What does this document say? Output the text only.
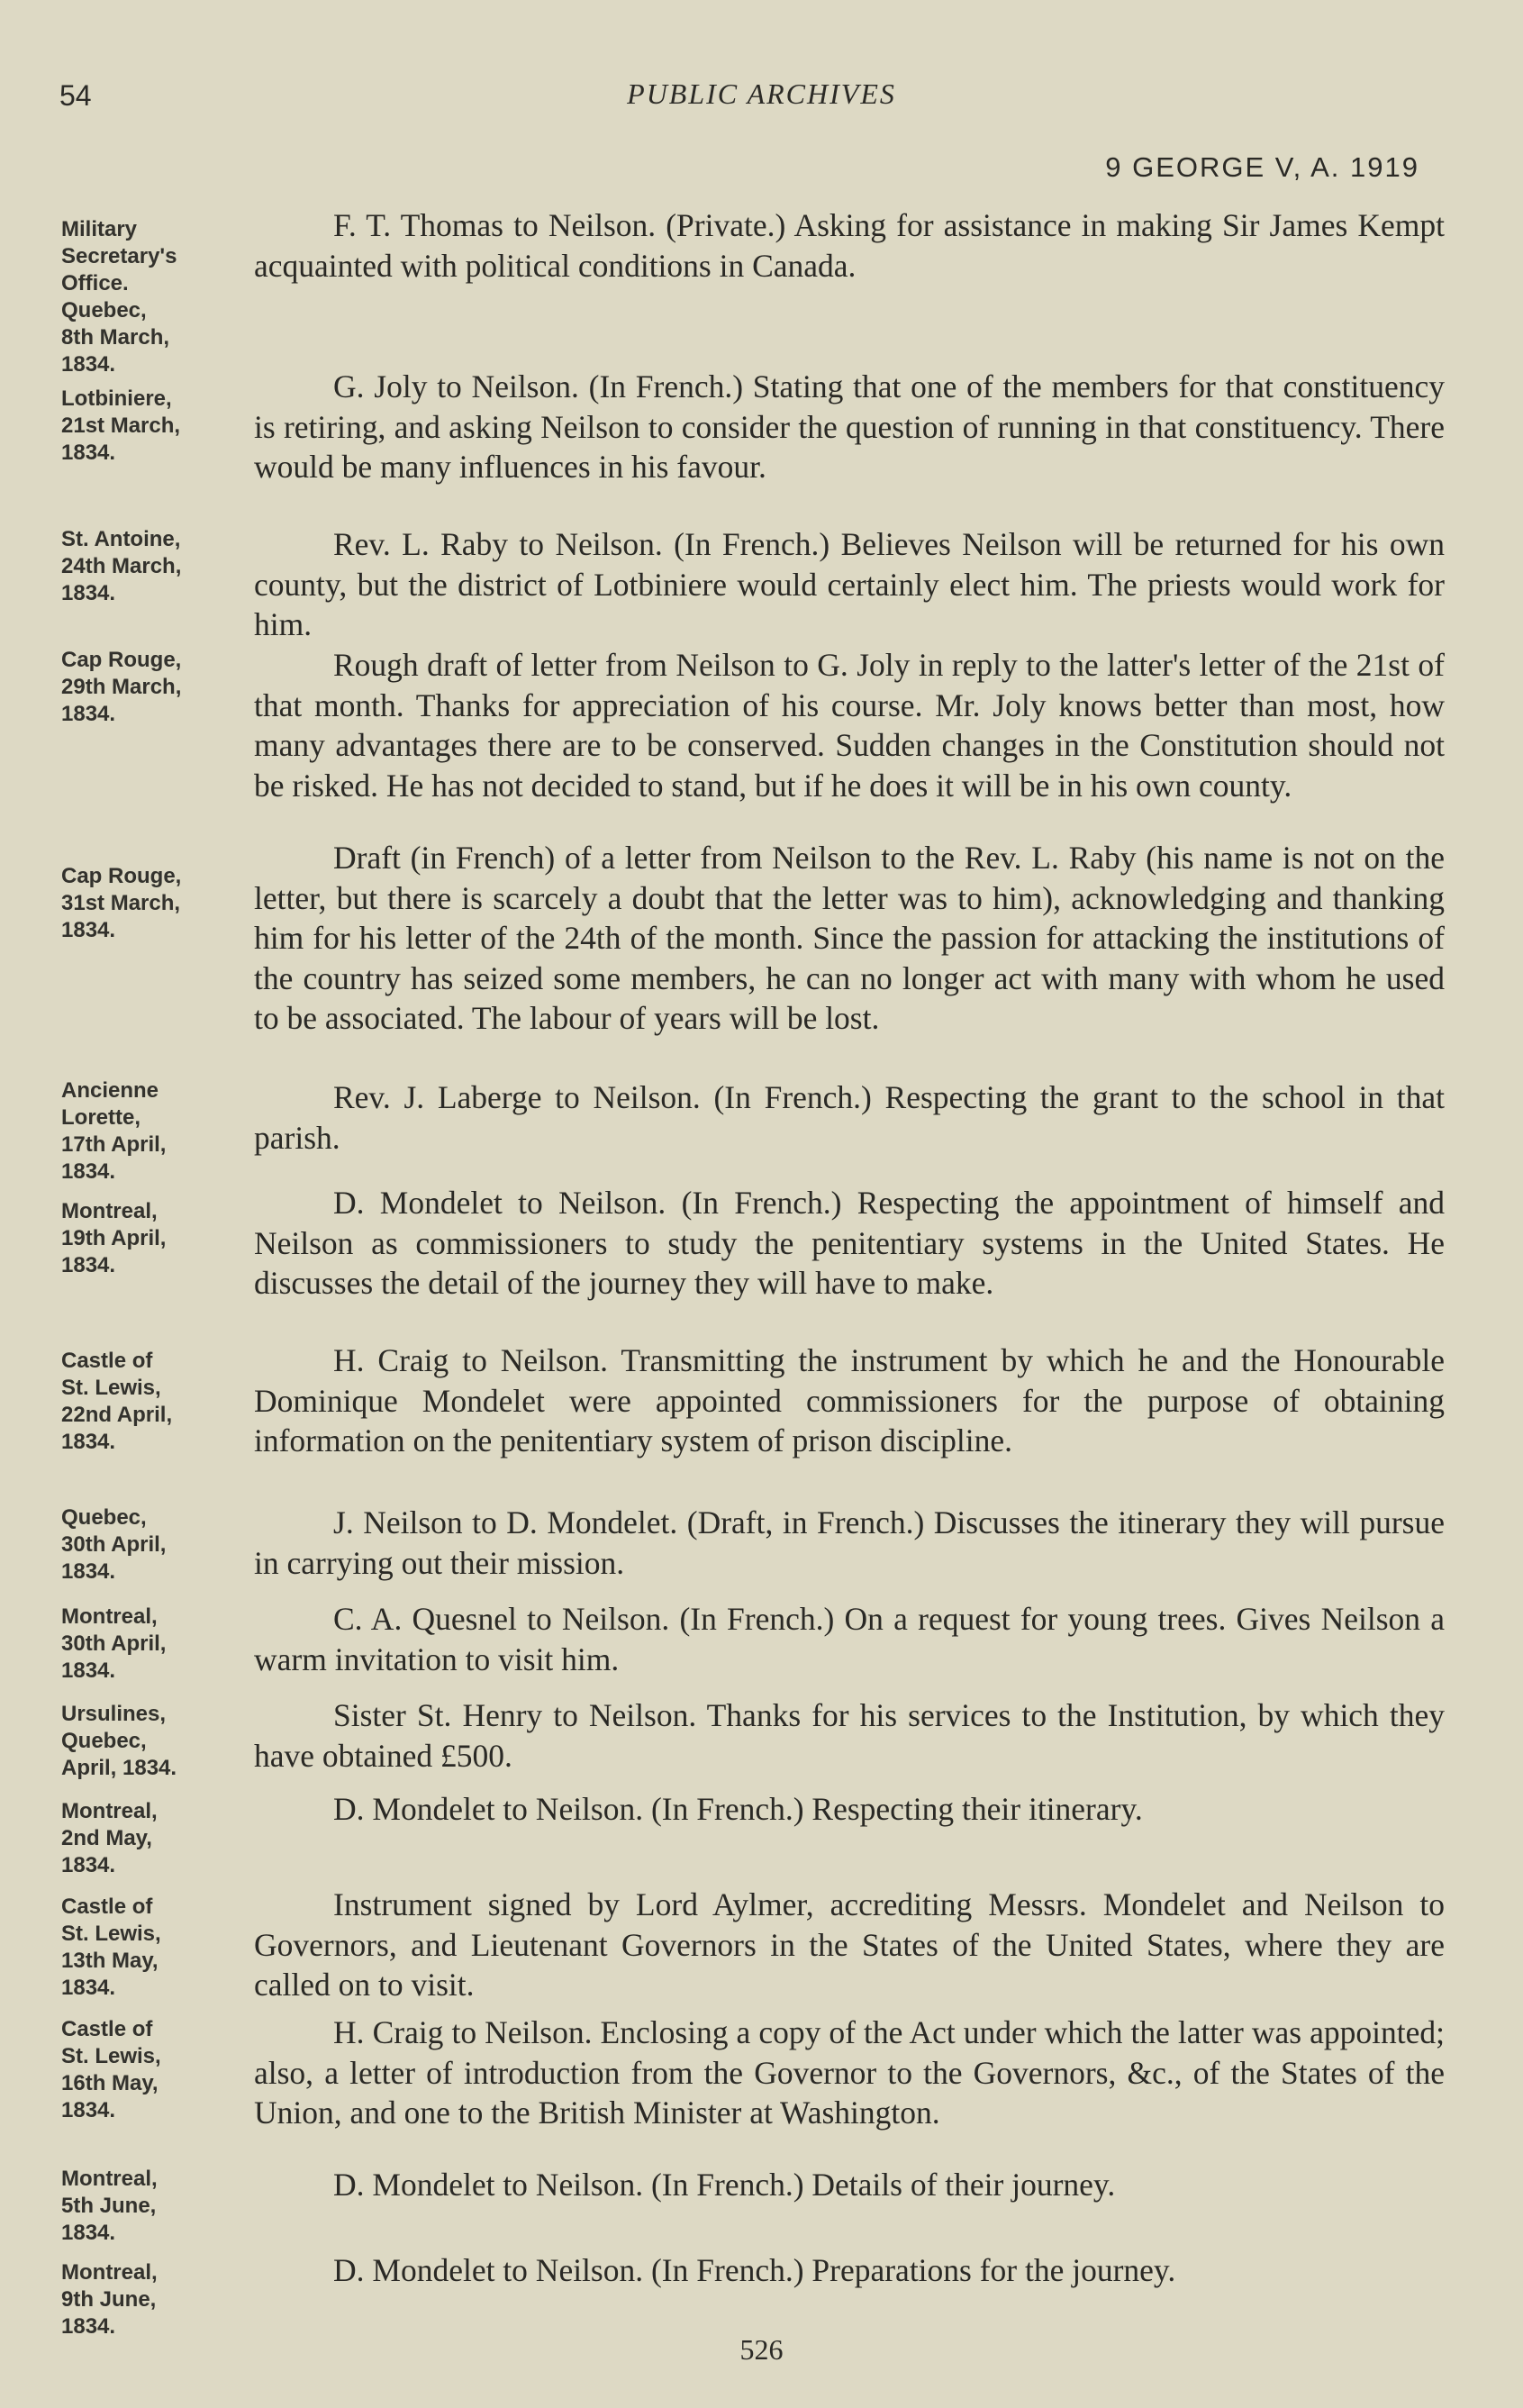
54	PUBLIC ARCHIVES
9 GEORGE V, A. 1919
Military
Secretary's
Office.
Quebec,
8th March,
1834.
F. T. Thomas to Neilson. (Private.) Asking for assistance in making Sir James Kempt acquainted with political conditions in Canada.
Lotbiniere,
21st March,
1834.
G. Joly to Neilson. (In French.) Stating that one of the members for that constituency is retiring, and asking Neilson to consider the question of running in that constituency. There would be many influences in his favour.
St. Antoine,
24th March,
1834.
Rev. L. Raby to Neilson. (In French.) Believes Neilson will be returned for his own county, but the district of Lotbiniere would certainly elect him. The priests would work for him.
Cap Rouge,
29th March,
1834.
Rough draft of letter from Neilson to G. Joly in reply to the latter's letter of the 21st of that month. Thanks for appreciation of his course. Mr. Joly knows better than most, how many advantages there are to be conserved. Sudden changes in the Constitution should not be risked. He has not decided to stand, but if he does it will be in his own county.
Cap Rouge,
31st March,
1834.
Draft (in French) of a letter from Neilson to the Rev. L. Raby (his name is not on the letter, but there is scarcely a doubt that the letter was to him), acknowledging and thanking him for his letter of the 24th of the month. Since the passion for attacking the institutions of the country has seized some members, he can no longer act with many with whom he used to be associated. The labour of years will be lost.
Ancienne
Lorette,
17th April,
1834.
Rev. J. Laberge to Neilson. (In French.) Respecting the grant to the school in that parish.
Montreal,
19th April,
1834.
D. Mondelet to Neilson. (In French.) Respecting the appointment of himself and Neilson as commissioners to study the penitentiary systems in the United States. He discusses the detail of the journey they will have to make.
Castle of
St. Lewis,
22nd April,
1834.
H. Craig to Neilson. Transmitting the instrument by which he and the Honourable Dominique Mondelet were appointed commissioners for the purpose of obtaining information on the penitentiary system of prison discipline.
Quebec,
30th April,
1834.
J. Neilson to D. Mondelet. (Draft, in French.) Discusses the itinerary they will pursue in carrying out their mission.
Montreal,
30th April,
1834.
C. A. Quesnel to Neilson. (In French.) On a request for young trees. Gives Neilson a warm invitation to visit him.
Ursulines,
Quebec,
April, 1834.
Sister St. Henry to Neilson. Thanks for his services to the Institution, by which they have obtained £500.
Montreal,
2nd May,
1834.
D. Mondelet to Neilson. (In French.) Respecting their itinerary.
Castle of
St. Lewis,
13th May,
1834.
Instrument signed by Lord Aylmer, accrediting Messrs. Mondelet and Neilson to Governors, and Lieutenant Governors in the States of the United States, where they are called on to visit.
Castle of
St. Lewis,
16th May,
1834.
H. Craig to Neilson. Enclosing a copy of the Act under which the latter was appointed; also, a letter of introduction from the Governor to the Governors, &c., of the States of the Union, and one to the British Minister at Washington.
Montreal,
5th June,
1834.
D. Mondelet to Neilson. (In French.) Details of their journey.
Montreal,
9th June,
1834.
D. Mondelet to Neilson. (In French.) Preparations for the journey.
526
